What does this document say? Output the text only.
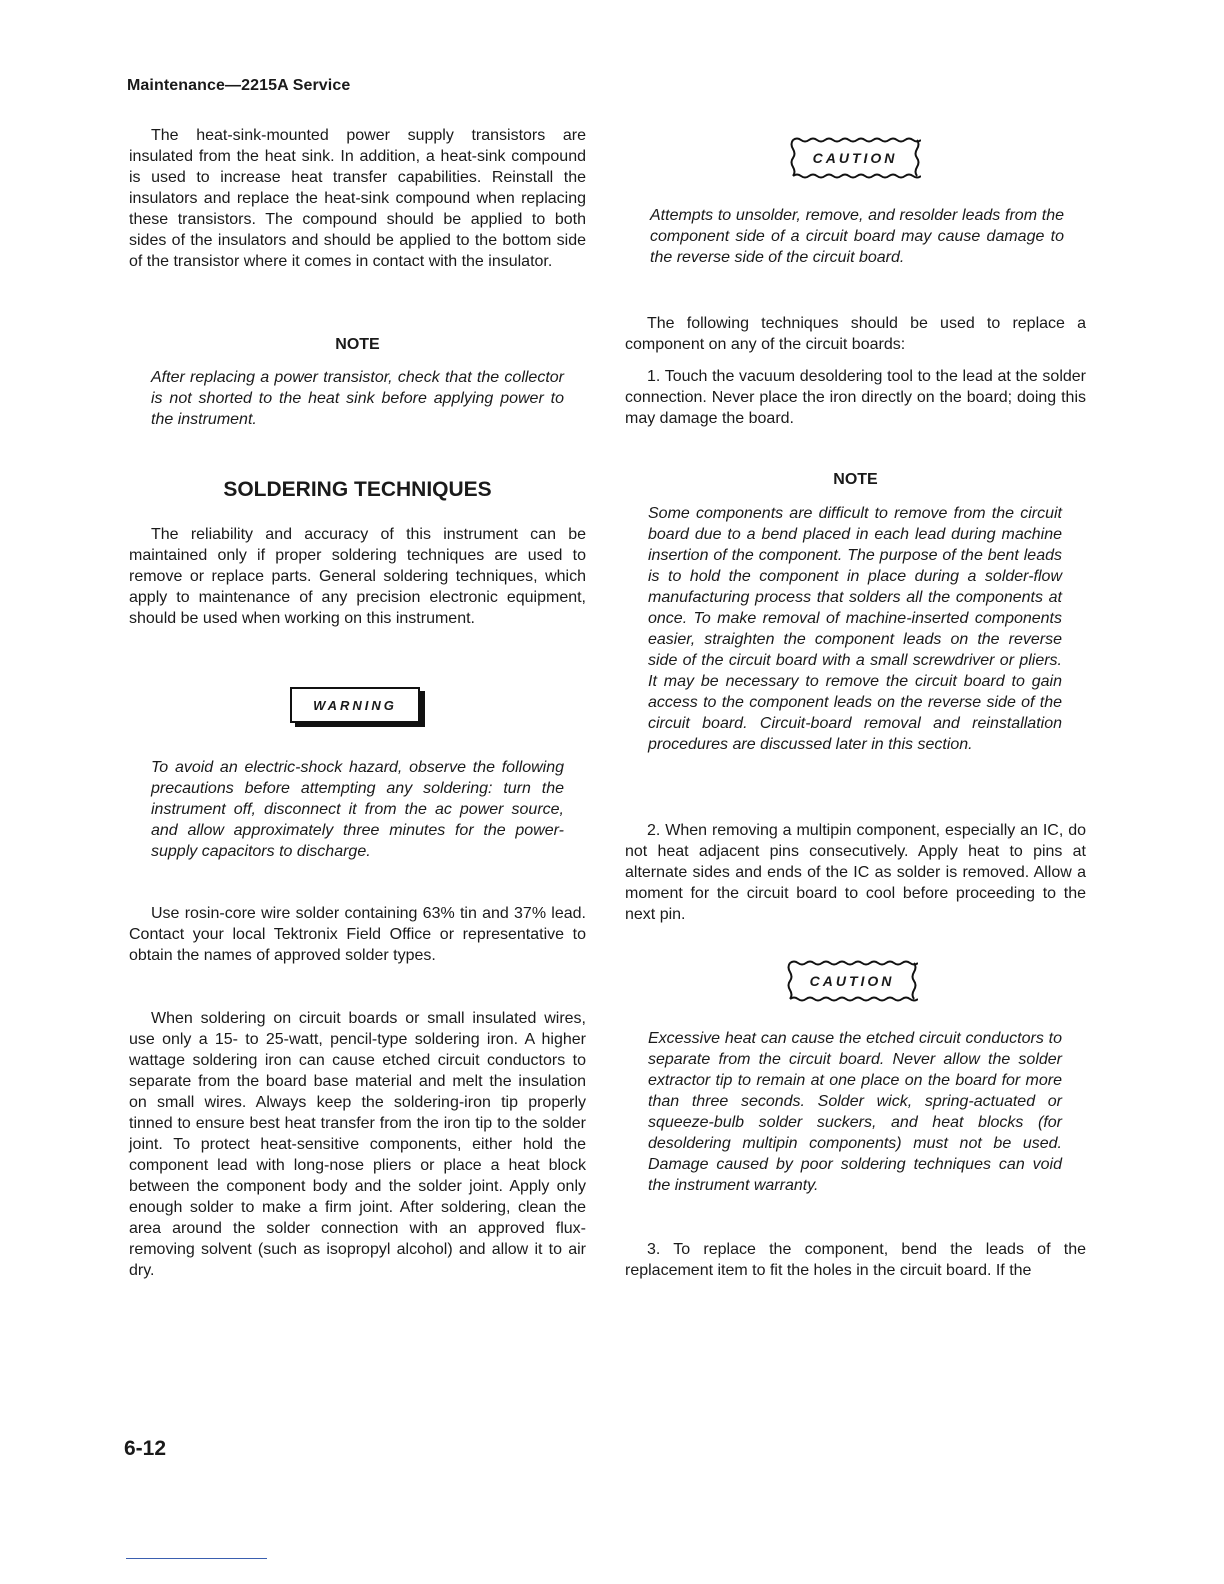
Maintenance—2215A Service

The heat-sink-mounted power supply transistors are insulated from the heat sink. In addition, a heat-sink compound is used to increase heat transfer capabilities. Reinstall the insulators and replace the heat-sink compound when replacing these transistors. The compound should be applied to both sides of the insulators and should be applied to the bottom side of the transistor where it comes in contact with the insulator.

NOTE

After replacing a power transistor, check that the collector is not shorted to the heat sink before applying power to the instrument.

SOLDERING TECHNIQUES

The reliability and accuracy of this instrument can be maintained only if proper soldering techniques are used to remove or replace parts. General soldering techniques, which apply to maintenance of any precision electronic equipment, should be used when working on this instrument.

WARNING

To avoid an electric-shock hazard, observe the following precautions before attempting any soldering: turn the instrument off, disconnect it from the ac power source, and allow approximately three minutes for the power-supply capacitors to discharge.

Use rosin-core wire solder containing 63% tin and 37% lead. Contact your local Tektronix Field Office or representative to obtain the names of approved solder types.

When soldering on circuit boards or small insulated wires, use only a 15- to 25-watt, pencil-type soldering iron. A higher wattage soldering iron can cause etched circuit conductors to separate from the board base material and melt the insulation on small wires. Always keep the soldering-iron tip properly tinned to ensure best heat transfer from the iron tip to the solder joint. To protect heat-sensitive components, either hold the component lead with long-nose pliers or place a heat block between the component body and the solder joint. Apply only enough solder to make a firm joint. After soldering, clean the area around the solder connection with an approved flux-removing solvent (such as isopropyl alcohol) and allow it to air dry.

CAUTION

Attempts to unsolder, remove, and resolder leads from the component side of a circuit board may cause damage to the reverse side of the circuit board.

The following techniques should be used to replace a component on any of the circuit boards:

1. Touch the vacuum desoldering tool to the lead at the solder connection. Never place the iron directly on the board; doing this may damage the board.

NOTE

Some components are difficult to remove from the circuit board due to a bend placed in each lead during machine insertion of the component. The purpose of the bent leads is to hold the component in place during a solder-flow manufacturing process that solders all the components at once. To make removal of machine-inserted components easier, straighten the component leads on the reverse side of the circuit board with a small screwdriver or pliers. It may be necessary to remove the circuit board to gain access to the component leads on the reverse side of the circuit board. Circuit-board removal and reinstallation procedures are discussed later in this section.

2. When removing a multipin component, especially an IC, do not heat adjacent pins consecutively. Apply heat to pins at alternate sides and ends of the IC as solder is removed. Allow a moment for the circuit board to cool before proceeding to the next pin.

CAUTION

Excessive heat can cause the etched circuit conductors to separate from the circuit board. Never allow the solder extractor tip to remain at one place on the board for more than three seconds. Solder wick, spring-actuated or squeeze-bulb solder suckers, and heat blocks (for desoldering multipin components) must not be used. Damage caused by poor soldering techniques can void the instrument warranty.

3. To replace the component, bend the leads of the replacement item to fit the holes in the circuit board. If the

6-12
